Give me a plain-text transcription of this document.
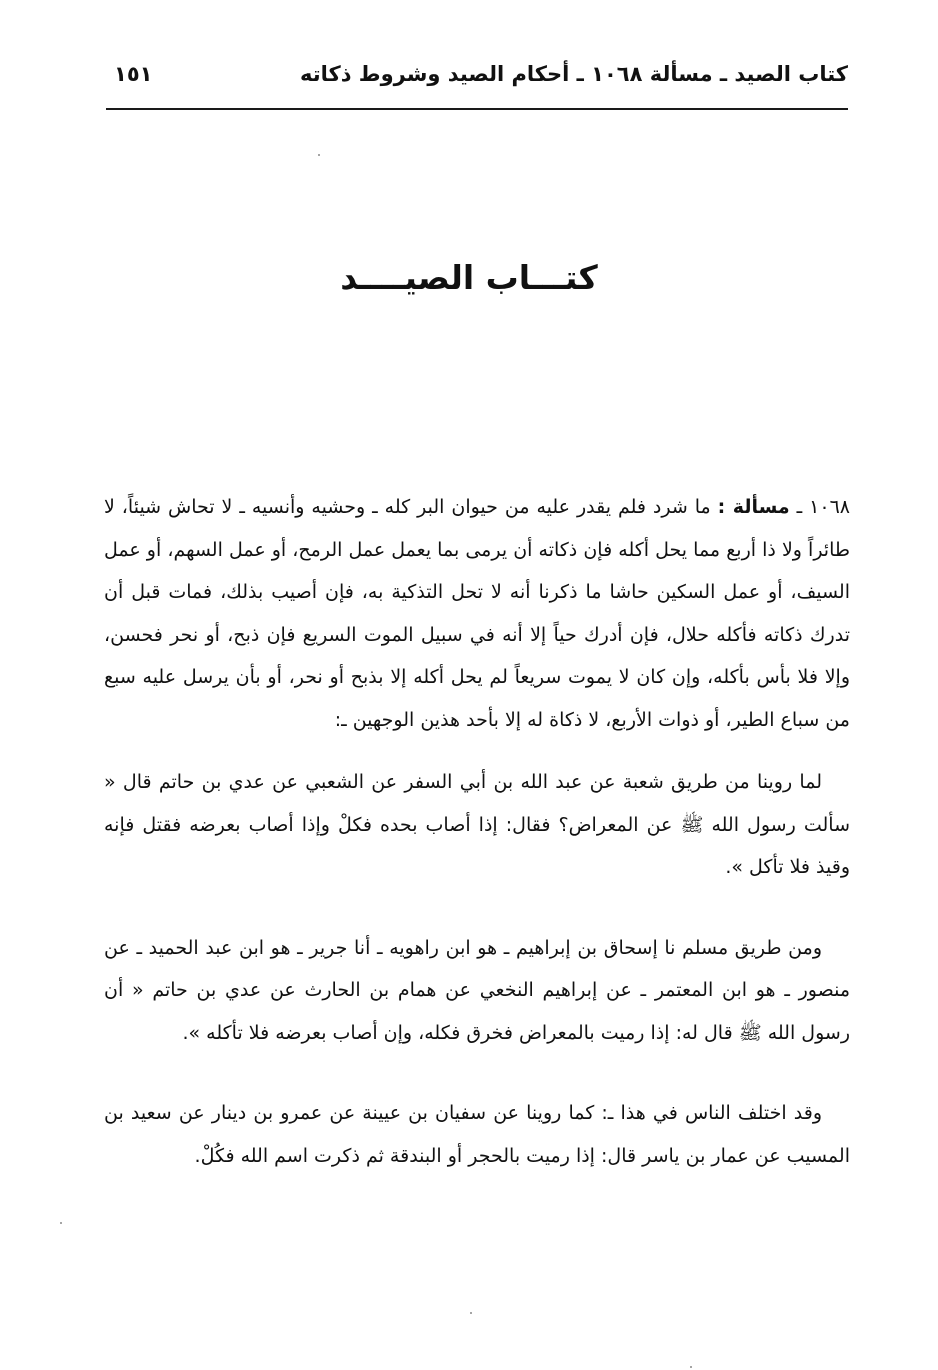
كتاب الصيد ـ مسألة ١٠٦٨ ـ أحكام الصيد وشروط ذكاته
١٥١
كتـــاب الصيــــد

١٠٦٨ ـ مسألة : ما شرد فلم يقدر عليه من حيوان البر كله ـ وحشيه وأنسيه ـ لا تحاش شيئاً، لا طائراً ولا ذا أربع مما يحل أكله فإن ذكاته أن يرمى بما يعمل عمل الرمح، أو عمل السهم، أو عمل السيف، أو عمل السكين حاشا ما ذكرنا أنه لا تحل التذكية به، فإن أصيب بذلك، فمات قبل أن تدرك ذكاته فأكله حلال، فإن أدرك حياً إلا أنه في سبيل الموت السريع فإن ذبح، أو نحر فحسن، وإلا فلا بأس بأكله، وإن كان لا يموت سريعاً لم يحل أكله إلا بذبح أو نحر، أو بأن يرسل عليه سبع من سباع الطير، أو ذوات الأربع، لا ذكاة له إلا بأحد هذين الوجهين ـ:

لما روينا من طريق شعبة عن عبد الله بن أبي السفر عن الشعبي عن عدي بن حاتم قال « سألت رسول الله ﷺ عن المعراض؟ فقال: إذا أصاب بحده فكلْ وإذا أصاب بعرضه فقتل فإنه وقيذ فلا تأكل ».

ومن طريق مسلم نا إسحاق بن إبراهيم ـ هو ابن راهويه ـ أنا جرير ـ هو ابن عبد الحميد ـ عن منصور ـ هو ابن المعتمر ـ عن إبراهيم النخعي عن همام بن الحارث عن عدي بن حاتم « أن رسول الله ﷺ قال له: إذا رميت بالمعراض فخرق فكله، وإن أصاب بعرضه فلا تأكله ».

وقد اختلف الناس في هذا ـ: كما روينا عن سفيان بن عيينة عن عمرو بن دينار عن سعيد بن المسيب عن عمار بن ياسر قال: إذا رميت بالحجر أو البندقة ثم ذكرت اسم الله فكُلْ.
